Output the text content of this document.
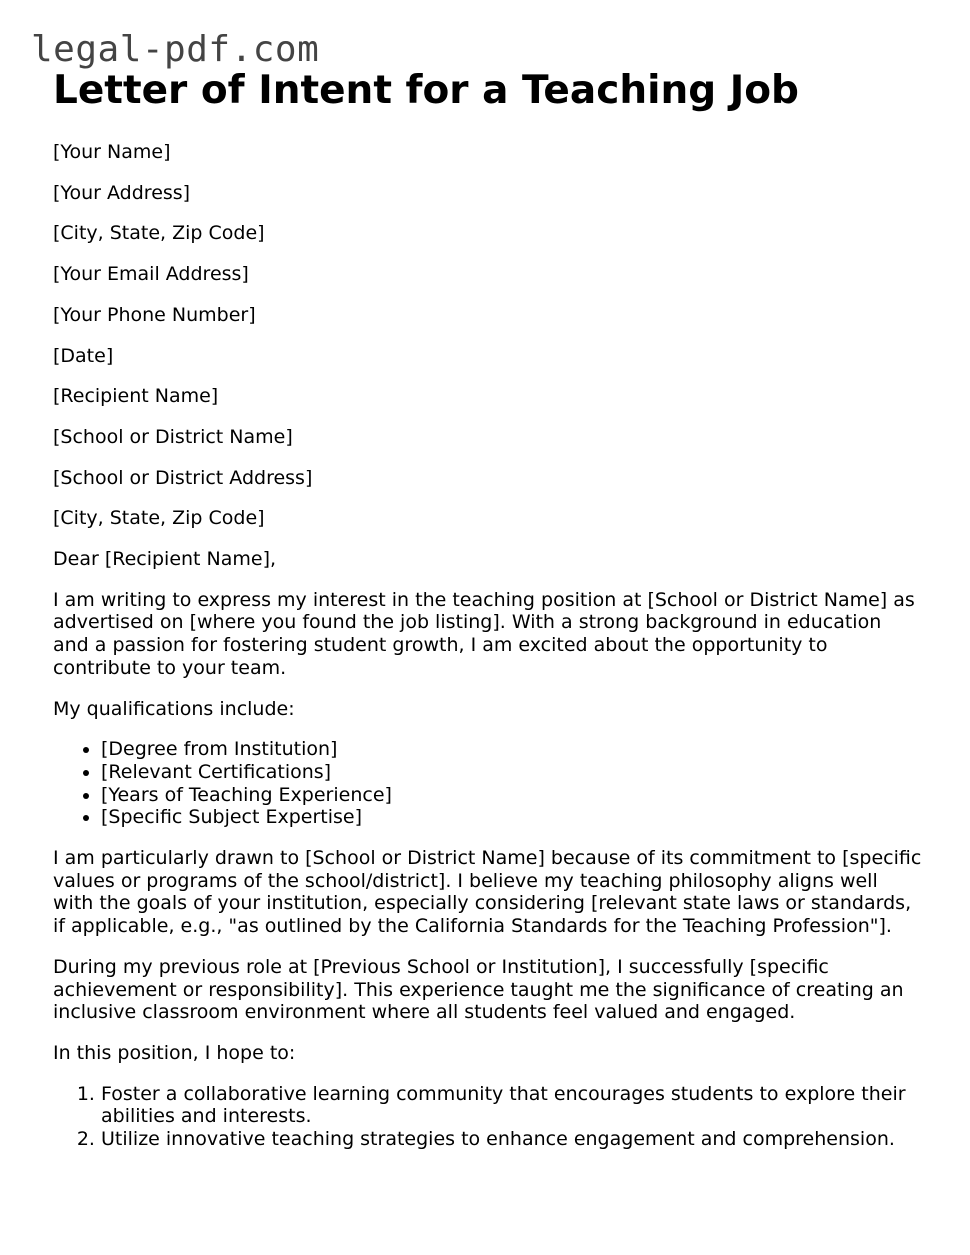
legal-pdf.com
Letter of Intent for a Teaching Job

[Your Name]

[Your Address]

[City, State, Zip Code]

[Your Email Address]

[Your Phone Number]

[Date]

[Recipient Name]

[School or District Name]

[School or District Address]

[City, State, Zip Code]

Dear [Recipient Name],

I am writing to express my interest in the teaching position at [School or District Name] as advertised on [where you found the job listing]. With a strong background in education and a passion for fostering student growth, I am excited about the opportunity to contribute to your team.

My qualifications include:

• [Degree from Institution]
• [Relevant Certifications]
• [Years of Teaching Experience]
• [Specific Subject Expertise]

I am particularly drawn to [School or District Name] because of its commitment to [specific values or programs of the school/district]. I believe my teaching philosophy aligns well with the goals of your institution, especially considering [relevant state laws or standards, if applicable, e.g., "as outlined by the California Standards for the Teaching Profession"].

During my previous role at [Previous School or Institution], I successfully [specific achievement or responsibility]. This experience taught me the significance of creating an inclusive classroom environment where all students feel valued and engaged.

In this position, I hope to:

1. Foster a collaborative learning community that encourages students to explore their abilities and interests.
2. Utilize innovative teaching strategies to enhance engagement and comprehension.
